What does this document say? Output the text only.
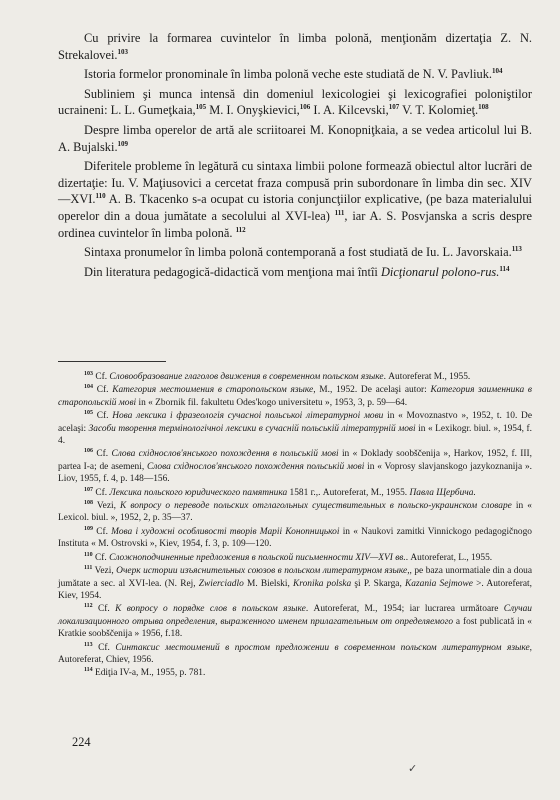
Cu privire la formarea cuvintelor în limba polonă, menţionăm dizertaţia Z. N. Strekalovei.$^{103}$

Istoria formelor pronominale în limba polonă veche este studiată de N. V. Pavliuk.$^{104}$

Subliniem şi munca intensă din domeniul lexicologiei şi lexicografiei poloniştilor ucraineni: L. L. Gumeţkaia,$^{105}$ M. I. Onyşkievici,$^{106}$ I. A. Kilcevski,$^{107}$ V. T. Kolomieţ.$^{108}$

Despre limba operelor de artă ale scriitoarei M. Konopniţkaia, a se vedea articolul lui B. A. Bujalski.$^{109}$

Diferitele probleme în legătură cu sintaxa limbii polone formează obiectul altor lucrări de dizertaţie: Iu. V. Maţiusovici a cercetat fraza compusă prin subordonare în limba din sec. XIV—XVI.$^{110}$ A. B. Tkacenko s-a ocupat cu istoria conjuncţiilor explicative, (pe baza materialului operelor din a doua jumătate a secolului al XVI-lea) $^{111}$, iar A. S. Posvjanska a scris despre ordinea cuvintelor în limba polonă. $^{112}$

Sintaxa pronumelor în limba polonă contemporană a fost studiată de Iu. L. Javorskaia.$^{113}$

Din literatura pedagogică-didactică vom menţiona mai întîi Dicţionarul polono-rus.$^{114}$

$^{103}$ Cf. Словообразование глаголов движения в современном польском языке. Autoreferat M., 1955.

$^{104}$ Cf. Категория местоимения в старопольском языке, M., 1952. De acelaşi autor: Категория заименника в старопольскiй мовi in « Zbornik fil. fakultetu Odes'kogo universitetu », 1953, 3, p. 59—64.

$^{105}$ Cf. Нова лексика i фразеологiя сучасноi польськоi лiтературноi мови in « Movoznastvo », 1952, t. 10. De acelaşi: Засоби творення термiнологiчноi лексики в сучаснiй польськiй лiтературнiй мовi in « Lexikogr. biul. », 1954, f. 4.

$^{106}$ Cf. Слова схiднослов'янського похождення в польськiй мовi in « Doklady soobščenija », Harkov, 1952, f. III, partea I-a; de asemeni, Слова схiднослов'янського похождення польськiй мовi in « Voprosy slavjanskogo jazykoznanija ». Liov, 1955, f. 4, p. 148—156.

$^{107}$ Cf. Лексика польского юридического памятника 1581 г.,. Autoreferat, M., 1955. Павла Щербича.

$^{108}$ Vezi, К вопросу о переводе польских отглагольных существительных в польско-украинском словаре in « Lexicol. biul. », 1952, 2, p. 35—37.

$^{109}$ Cf. Мова i художнi особливостi творiв Марii Конопницькоi in « Naukovi zamitki Vinnickogo pedagogičnogo Instituta « M. Ostrovski », Kiev, 1954, f. 3, p. 109—120.

$^{110}$ Cf. Сложноподчиненные предложения в польской письменности XIV—XVI вв.. Autoreferat, L., 1955.

$^{111}$ Vezi, Очерк истории изъяснительных союзов в польском литературном языке,, pe baza unormatiale din a doua jumătate a sec. al XVI-lea. (N. Rej, Zwierciadlo M. Bielski, Kronika polska şi P. Skarga, Kazania Sejmowe >. Autoreferat, Kiev, 1954.

$^{112}$ Cf. К вопросу о порядке слов в польском языке. Autoreferat, M., 1954; iar lucrarea următoare Случаи локализационного отрыва определения, выраженного именем прилагательным от определяемого a fost publicată in « Kratkie soobščenija » 1956, f.18.

$^{113}$ Cf. Синтаксис местоимений в простом предложении в современном польском литературном языке, Autoreferat, Chiev, 1956.

$^{114}$ Ediţia IV-a, M., 1955, p. 781.

224
✓
